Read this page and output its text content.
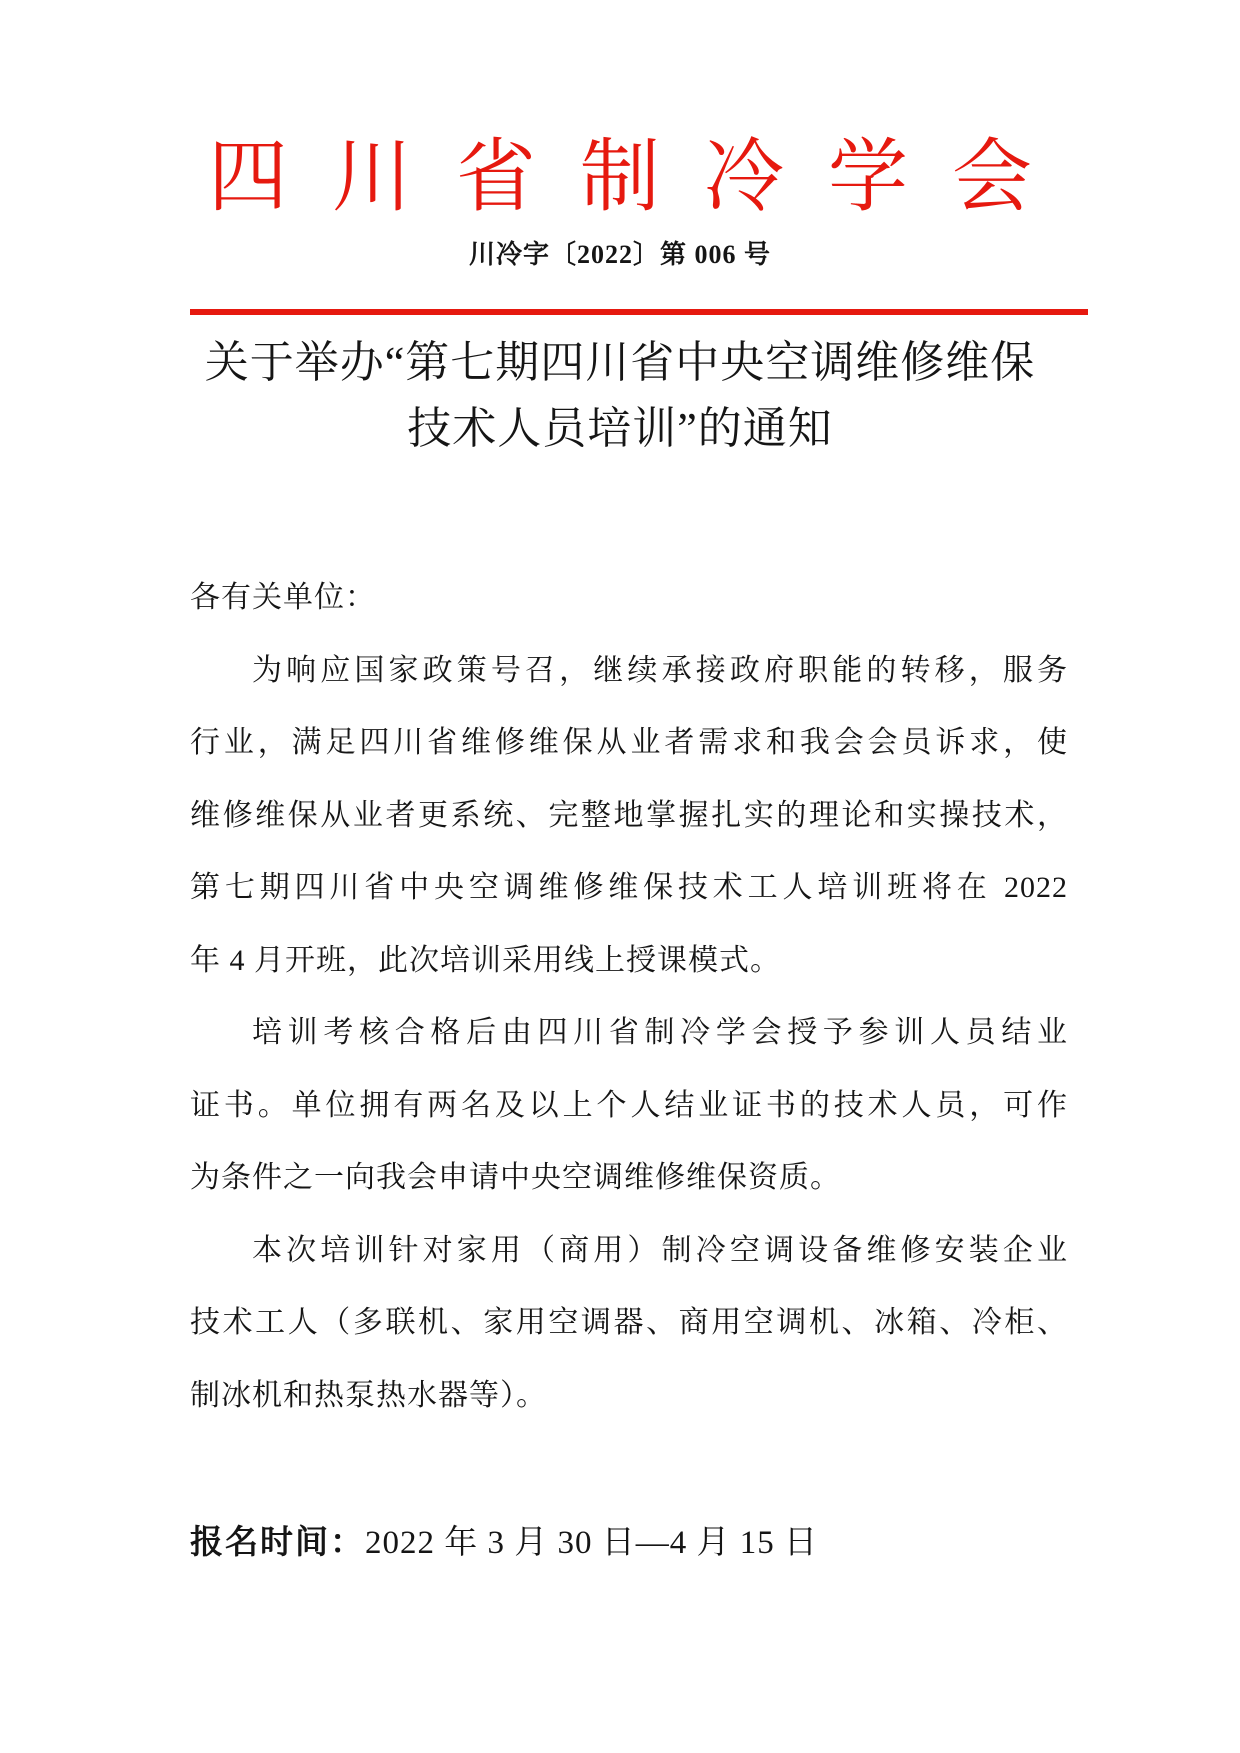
四川省制冷学会
川冷字〔2022〕第 006 号
关于举办“第七期四川省中央空调维修维保
技术人员培训”的通知
各有关单位：
为响应国家政策号召，继续承接政府职能的转移，服务
行业，满足四川省维修维保从业者需求和我会会员诉求，使
维修维保从业者更系统、完整地掌握扎实的理论和实操技术，
第七期四川省中央空调维修维保技术工人培训班将在 2022
年 4 月开班，此次培训采用线上授课模式。
培训考核合格后由四川省制冷学会授予参训人员结业
证书。单位拥有两名及以上个人结业证书的技术人员，可作
为条件之一向我会申请中央空调维修维保资质。
本次培训针对家用（商用）制冷空调设备维修安装企业
技术工人（多联机、家用空调器、商用空调机、冰箱、冷柜、
制冰机和热泵热水器等）。
报名时间：2022 年 3 月 30 日—4 月 15 日
